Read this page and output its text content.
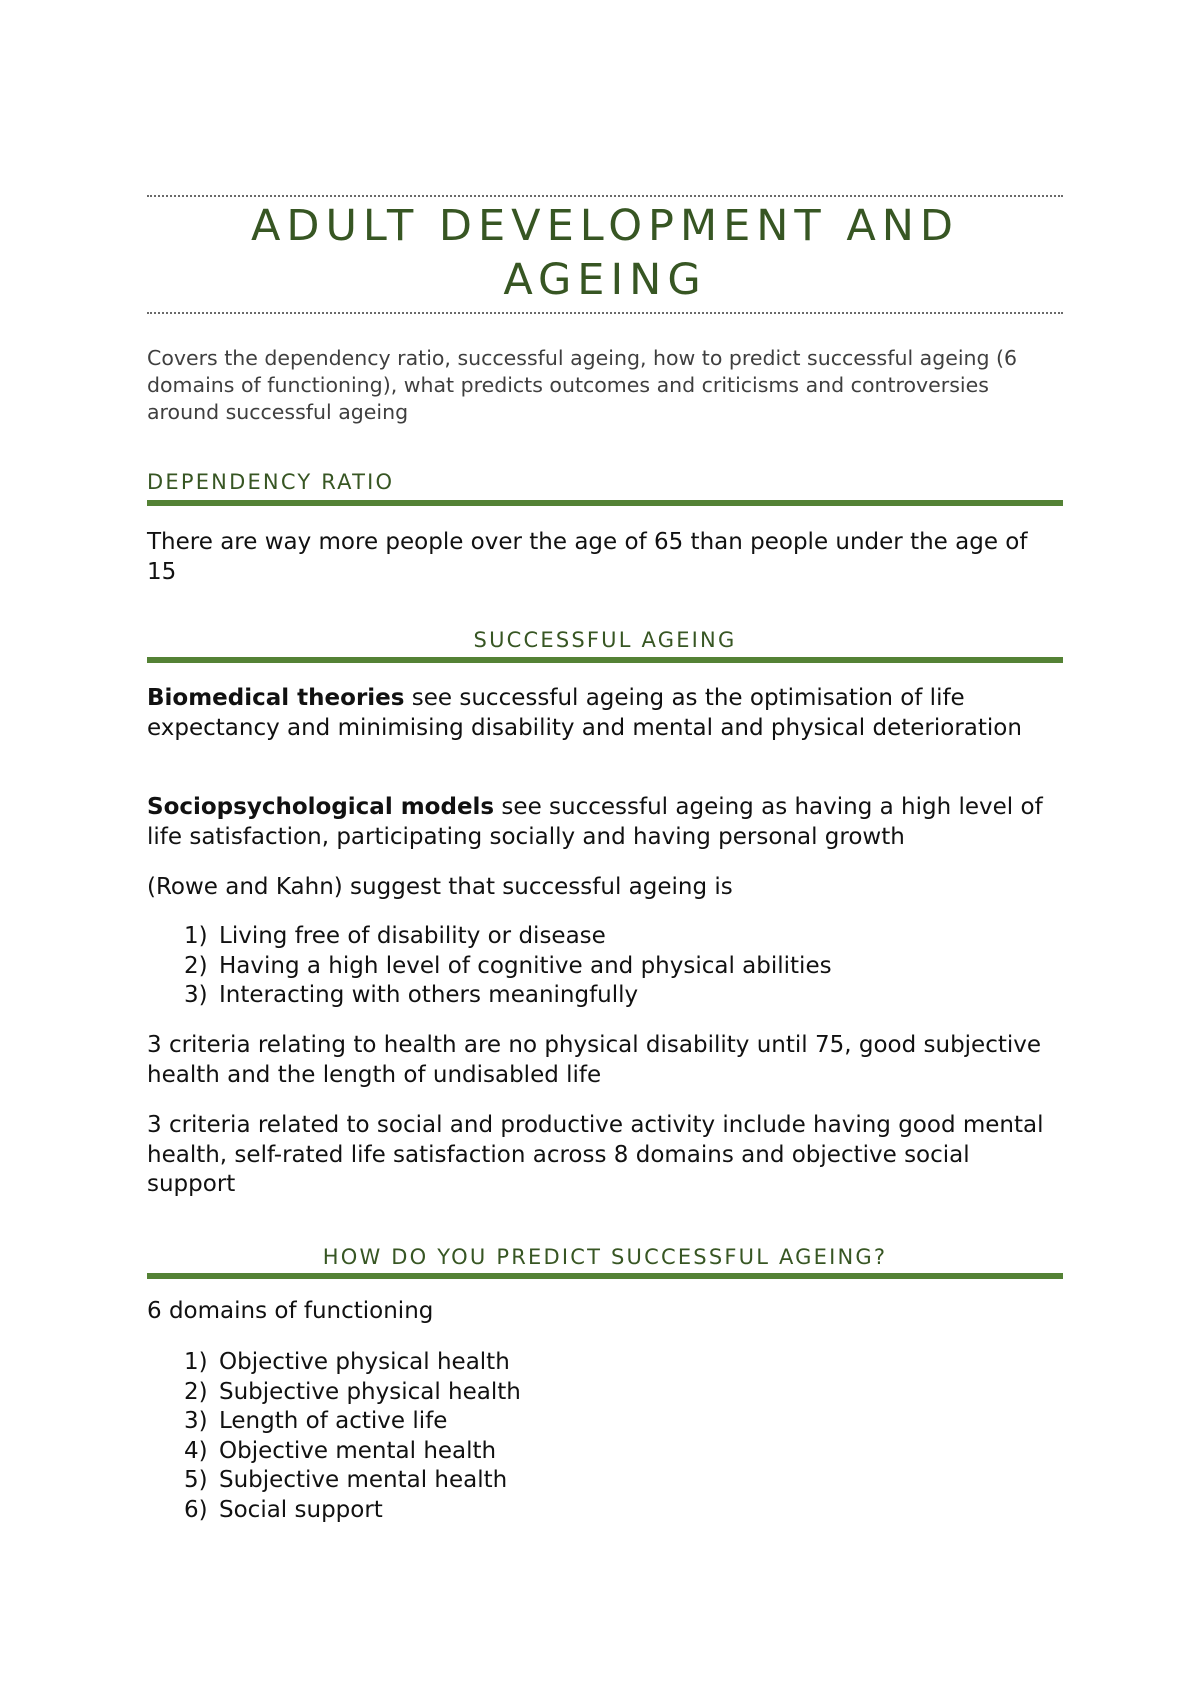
ADULT DEVELOPMENT AND
AGEING

Covers the dependency ratio, successful ageing, how to predict successful ageing (6 domains of functioning), what predicts outcomes and criticisms and controversies around successful ageing

DEPENDENCY RATIO

There are way more people over the age of 65 than people under the age of 15

SUCCESSFUL AGEING

Biomedical theories see successful ageing as the optimisation of life expectancy and minimising disability and mental and physical deterioration

Sociopsychological models see successful ageing as having a high level of life satisfaction, participating socially and having personal growth

(Rowe and Kahn) suggest that successful ageing is

1) Living free of disability or disease
2) Having a high level of cognitive and physical abilities
3) Interacting with others meaningfully

3 criteria relating to health are no physical disability until 75, good subjective health and the length of undisabled life

3 criteria related to social and productive activity include having good mental health, self-rated life satisfaction across 8 domains and objective social support

HOW DO YOU PREDICT SUCCESSFUL AGEING?

6 domains of functioning

1) Objective physical health
2) Subjective physical health
3) Length of active life
4) Objective mental health
5) Subjective mental health
6) Social support
